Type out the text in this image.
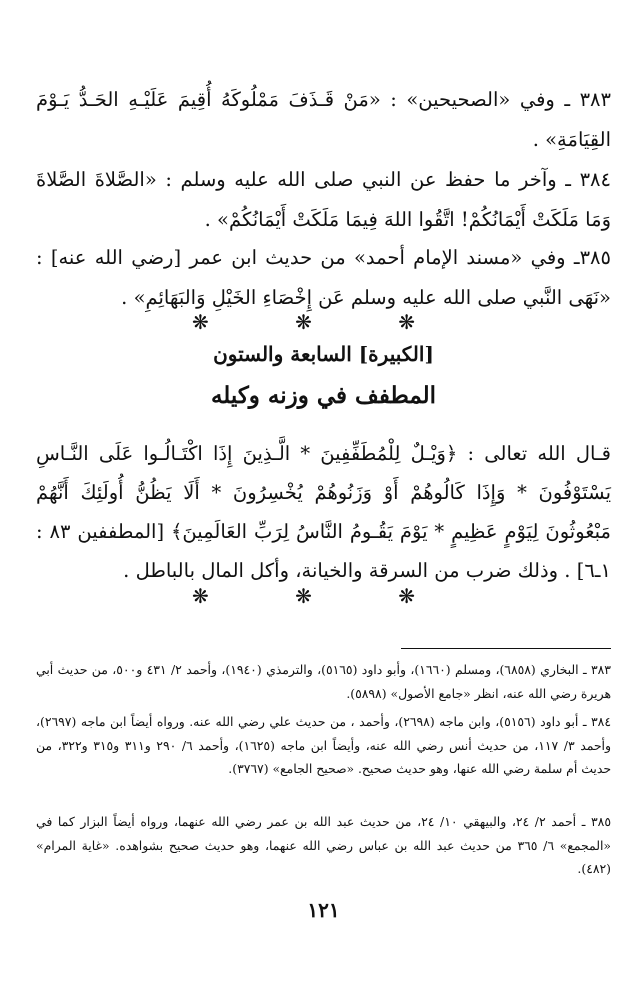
٣٨٣ ـ وفي «الصحيحين» : «مَنْ قَـذَفَ مَمْلُوكَهُ أُقِيمَ عَلَيْـهِ الحَـدُّ يَـوْمَ القِيَامَةِ» .
٣٨٤ ـ وآخر ما حفظ عن النبي صلى الله عليه وسلم : «الصَّلاةَ الصَّلاةَ وَمَا مَلَكَتْ أَيْمَانُكُمْ! اتَّقُوا اللهَ فِيمَا مَلَكَتْ أَيْمَانُكُمْ» .
٣٨٥ـ وفي «مسند الإمام أحمد» من حديث ابن عمر [رضي الله عنه] : «نَهَى النَّبي صلى الله عليه وسلم عَن إِخْصَاءِ الخَيْلِ وَالبَهَائِمِ» .
❋ ❋ ❋
[الكبيرة] السابعة والستون
المطفف في وزنه وكيله
قـال الله تعالى : ﴿وَيْـلٌ لِلْمُطَفِّفِينَ * الَّـذِينَ إِذَا اكْتَـالُـوا عَلَى النَّـاسِ يَسْتَوْفُونَ * وَإِذَا كَالُوهُمْ أَوْ وَزَنُوهُمْ يُخْسِرُونَ * أَلَا يَظُنُّ أُولَئِكَ أَنَّهُمْ مَبْعُوثُونَ لِيَوْمٍ عَظِيمٍ * يَوْمَ يَقُـومُ النَّاسُ لِرَبِّ العَالَمِينَ﴾ [المطففين ٨٣ : ١ـ٦] . وذلك ضرب من السرقة والخيانة، وأكل المال بالباطل .
❋ ❋ ❋
٣٨٣ ـ البخاري (٦٨٥٨)، ومسلم (١٦٦٠)، وأبو داود (٥١٦٥)، والترمذي (١٩٤٠)، وأحمد ٢/ ٤٣١ و٥٠٠، من حديث أبي هريرة رضي الله عنه، انظر «جامع الأصول» (٥٨٩٨).
٣٨٤ ـ أبو داود (٥١٥٦)، وابن ماجه (٢٦٩٨)، وأحمد ، من حديث علي رضي الله عنه. ورواه أيضاً ابن ماجه (٢٦٩٧)، وأحمد ٣/ ١١٧، من حديث أنس رضي الله عنه، وأيضاً ابن ماجه (١٦٢٥)، وأحمد ٦/ ٢٩٠ و٣١١ و٣١٥ و٣٢٢، من حديث أم سلمة رضي الله عنها، وهو حديث صحيح. «صحيح الجامع» (٣٧٦٧).
٣٨٥ ـ أحمد ٢/ ٢٤، والبيهقي ١٠/ ٢٤، من حديث عبد الله بن عمر رضي الله عنهما، ورواه أيضاً البزار كما في «المجمع» ٦/ ٣٦٥ من حديث عبد الله بن عباس رضي الله عنهما، وهو حديث صحيح بشواهده. «غاية المرام» (٤٨٢).
١٢١
